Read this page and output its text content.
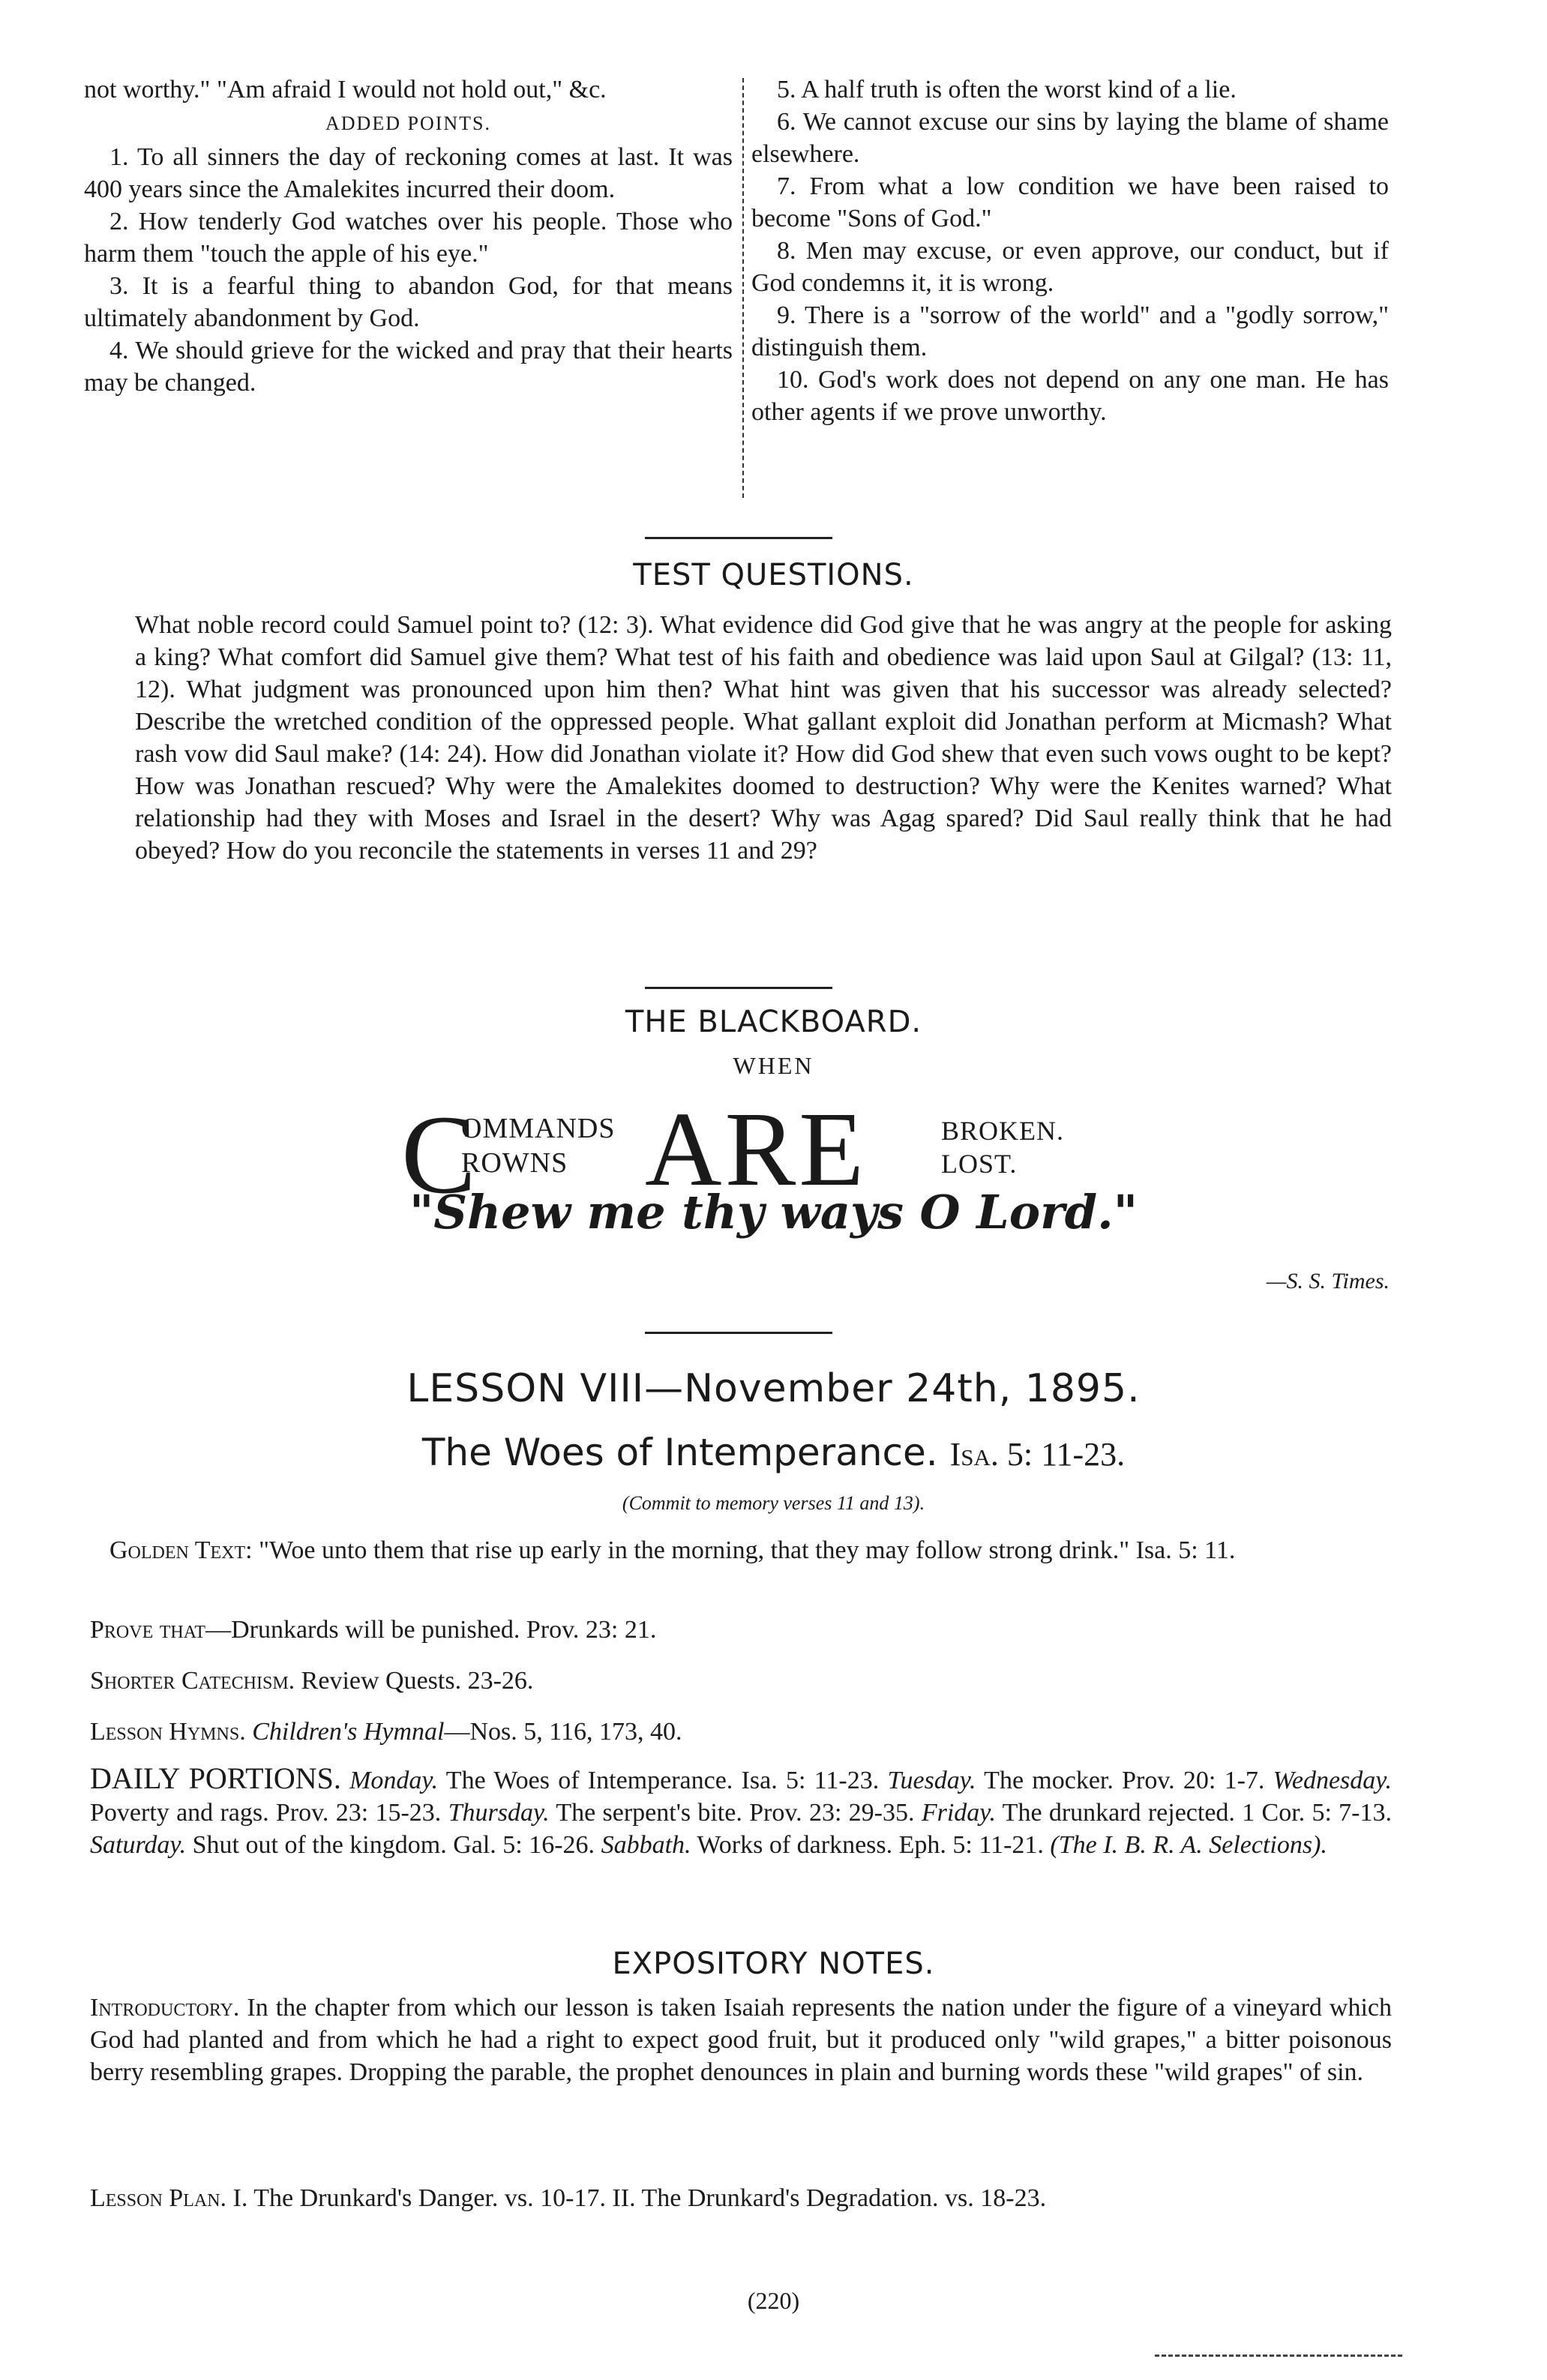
not worthy." "Am afraid I would not hold out," &c.

ADDED POINTS.

1. To all sinners the day of reckoning comes at last. It was 400 years since the Amalekites incurred their doom.

2. How tenderly God watches over his people. Those who harm them "touch the apple of his eye."

3. It is a fearful thing to abandon God, for that means ultimately abandonment by God.

4. We should grieve for the wicked and pray that their hearts may be changed.

5. A half truth is often the worst kind of a lie.

6. We cannot excuse our sins by laying the blame of shame elsewhere.

7. From what a low condition we have been raised to become "Sons of God."

8. Men may excuse, or even approve, our conduct, but if God condemns it, it is wrong.

9. There is a "sorrow of the world" and a "godly sorrow," distinguish them.

10. God's work does not depend on any one man. He has other agents if we prove unworthy.

TEST QUESTIONS.

What noble record could Samuel point to? (12: 3). What evidence did God give that he was angry at the people for asking a king? What comfort did Samuel give them? What test of his faith and obedience was laid upon Saul at Gilgal? (13: 11, 12). What judgment was pronounced upon him then? What hint was given that his successor was already selected? Describe the wretched condition of the oppressed people. What gallant exploit did Jonathan perform at Micmash? What rash vow did Saul make? (14: 24). How did Jonathan violate it? How did God shew that even such vows ought to be kept? How was Jonathan rescued? Why were the Amalekites doomed to destruction? Why were the Kenites warned? What relationship had they with Moses and Israel in the desert? Why was Agag spared? Did Saul really think that he had obeyed? How do you reconcile the statements in verses 11 and 29?

THE BLACKBOARD.
WHEN
C
OMMANDS
ROWNS ARE	BROKEN.
LOST.
"Shew me thy ways O Lord."
—S. S. Times.
LESSON VIII—November 24th, 1895.
The Woes of Intemperance. Isa. 5: 11-23.
(Commit to memory verses 11 and 13).

Golden Text: "Woe unto them that rise up early in the morning, that they may follow strong drink." Isa. 5: 11.

Prove that—Drunkards will be punished. Prov. 23: 21.

Shorter Catechism. Review Quests. 23-26.

Lesson Hymns. Children's Hymnal—Nos. 5, 116, 173, 40.

DAILY PORTIONS. Monday. The Woes of Intemperance. Isa. 5: 11-23. Tuesday. The mocker. Prov. 20: 1-7. Wednesday. Poverty and rags. Prov. 23: 15-23. Thursday. The serpent's bite. Prov. 23: 29-35. Friday. The drunkard rejected. 1 Cor. 5: 7-13. Saturday. Shut out of the kingdom. Gal. 5: 16-26. Sabbath. Works of darkness. Eph. 5: 11-21. (The I. B. R. A. Selections).

EXPOSITORY NOTES.

Introductory. In the chapter from which our lesson is taken Isaiah represents the nation under the figure of a vineyard which God had planted and from which he had a right to expect good fruit, but it produced only "wild grapes," a bitter poisonous berry resembling grapes. Dropping the parable, the prophet denounces in plain and burning words these "wild grapes" of sin.

Lesson Plan. I. The Drunkard's Danger. vs. 10-17. II. The Drunkard's Degradation. vs. 18-23.

(220)
